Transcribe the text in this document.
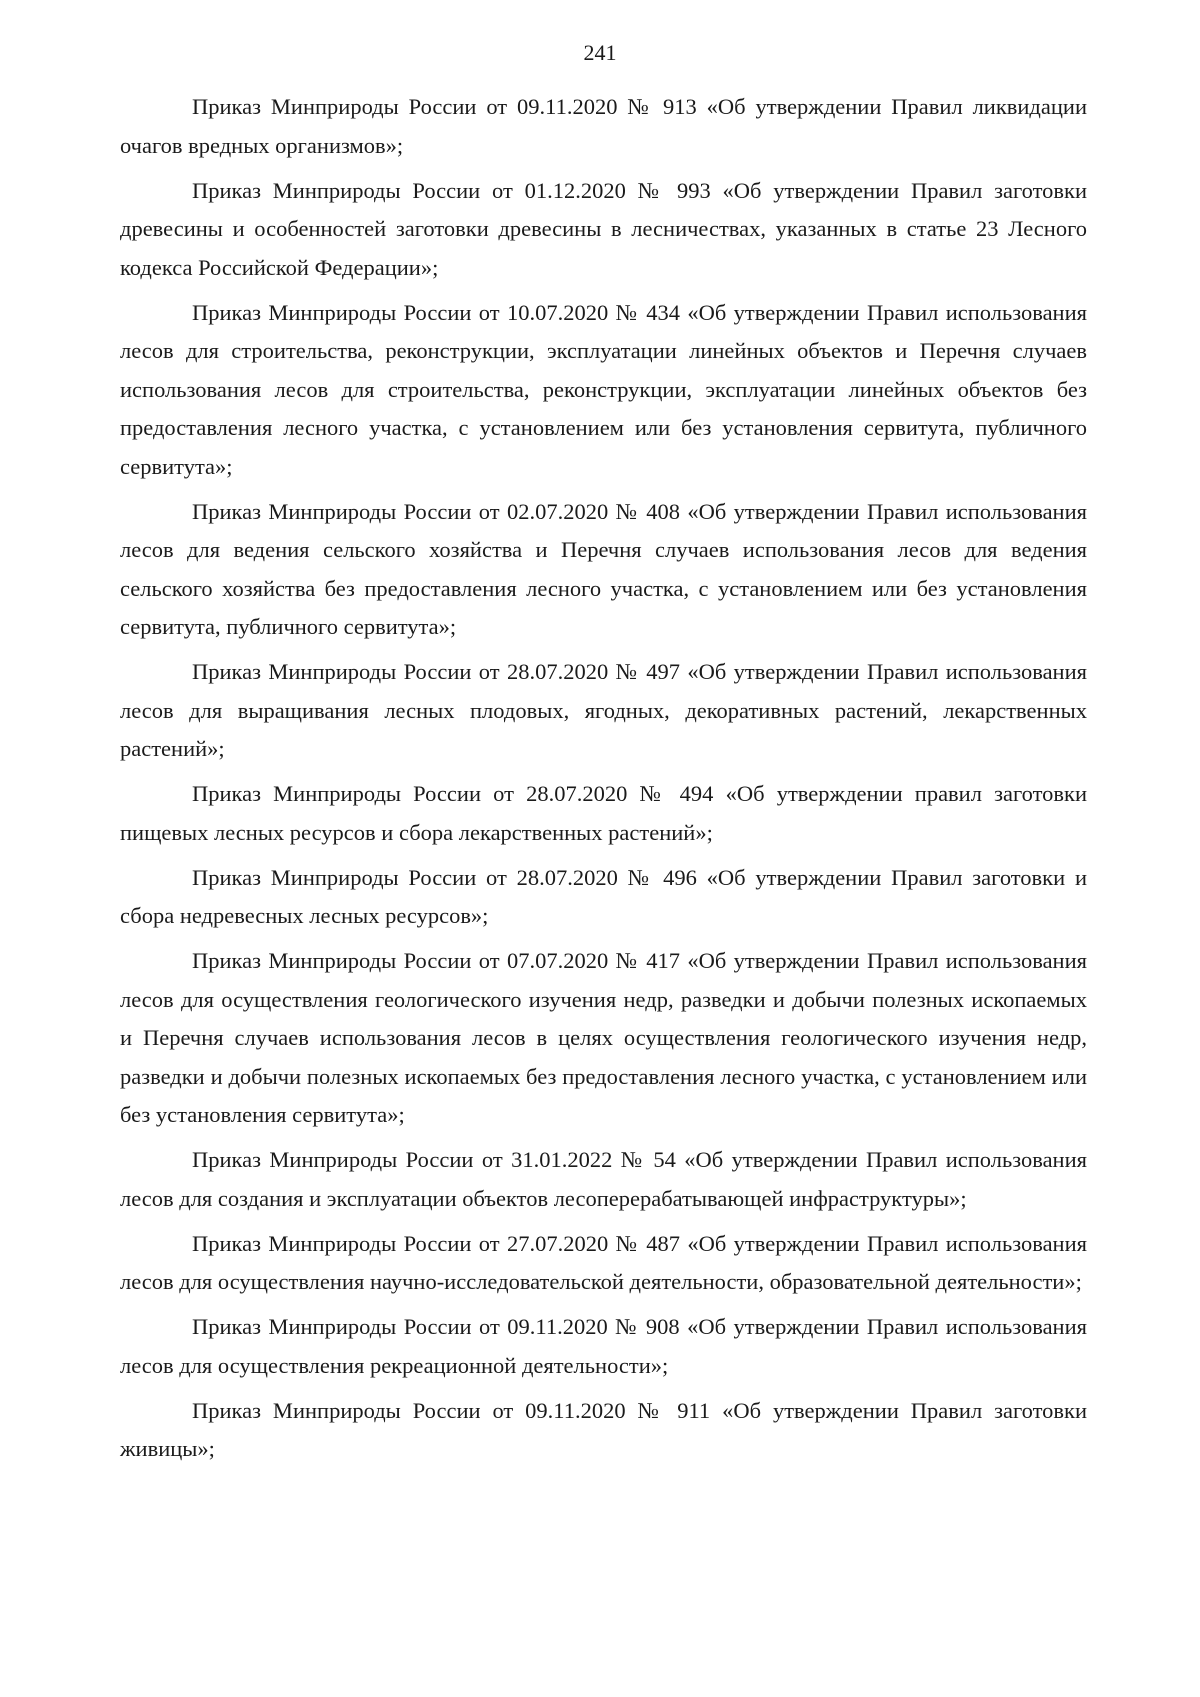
241

Приказ Минприроды России от 09.11.2020 № 913 «Об утверждении Правил ликвидации очагов вредных организмов»;

Приказ Минприроды России от 01.12.2020 № 993 «Об утверждении Правил заготовки древесины и особенностей заготовки древесины в лесничествах, указанных в статье 23 Лесного кодекса Российской Федерации»;

Приказ Минприроды России от 10.07.2020 № 434 «Об утверждении Правил использования лесов для строительства, реконструкции, эксплуатации линейных объектов и Перечня случаев использования лесов для строительства, реконструкции, эксплуатации линейных объектов без предоставления лесного участка, с установлением или без установления сервитута, публичного сервитута»;

Приказ Минприроды России от 02.07.2020 № 408 «Об утверждении Правил использования лесов для ведения сельского хозяйства и Перечня случаев использования лесов для ведения сельского хозяйства без предоставления лесного участка, с установлением или без установления сервитута, публичного сервитута»;

Приказ Минприроды России от 28.07.2020 № 497 «Об утверждении Правил использования лесов для выращивания лесных плодовых, ягодных, декоративных растений, лекарственных растений»;

Приказ Минприроды России от 28.07.2020 № 494 «Об утверждении правил заготовки пищевых лесных ресурсов и сбора лекарственных растений»;

Приказ Минприроды России от 28.07.2020 № 496 «Об утверждении Правил заготовки и сбора недревесных лесных ресурсов»;

Приказ Минприроды России от 07.07.2020 № 417 «Об утверждении Правил использования лесов для осуществления геологического изучения недр, разведки и добычи полезных ископаемых и Перечня случаев использования лесов в целях осуществления геологического изучения недр, разведки и добычи полезных ископаемых без предоставления лесного участка, с установлением или без установления сервитута»;

Приказ Минприроды России от 31.01.2022 № 54 «Об утверждении Правил использования лесов для создания и эксплуатации объектов лесоперерабатывающей инфраструктуры»;

Приказ Минприроды России от 27.07.2020 № 487 «Об утверждении Правил использования лесов для осуществления научно-исследовательской деятельности, образовательной деятельности»;

Приказ Минприроды России от 09.11.2020 № 908 «Об утверждении Правил использования лесов для осуществления рекреационной деятельности»;

Приказ Минприроды России от 09.11.2020 № 911 «Об утверждении Правил заготовки живицы»;
